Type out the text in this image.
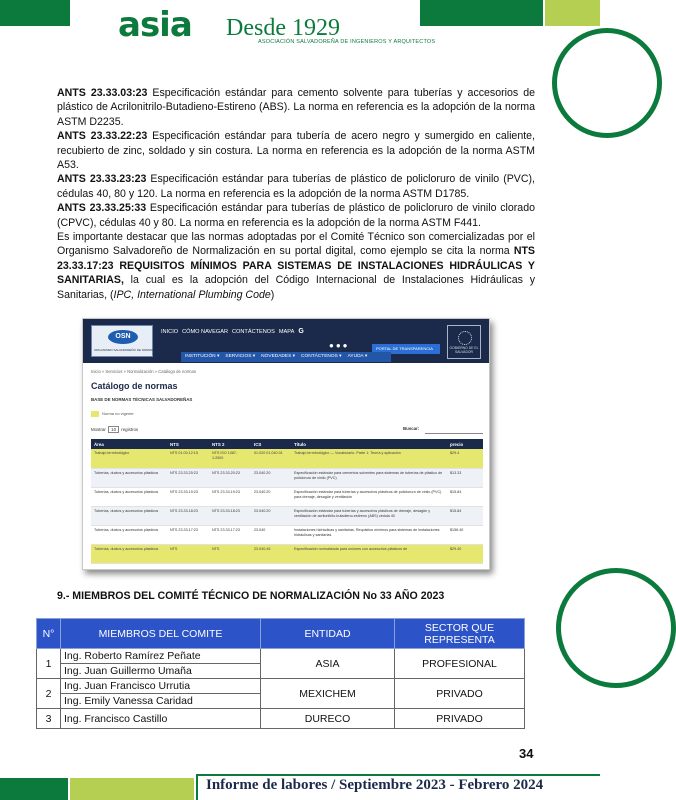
asia Desde 1929
ASOCIACIÓN SALVADOREÑA DE INGENIEROS Y ARQUITECTOS

ANTS 23.33.03:23 Especificación estándar para cemento solvente para tuberías y accesorios de plástico de Acrilonitrilo-Butadieno-Estireno (ABS). La norma en referencia es la adopción de la norma ASTM D2235.

ANTS 23.33.22:23 Especificación estándar para tubería de acero negro y sumergido en caliente, recubierto de zinc, soldado y sin costura. La norma en referencia es la adopción de la norma ASTM A53.

ANTS 23.33.23:23 Especificación estándar para tuberías de plástico de policloruro de vinilo (PVC), cédulas 40, 80 y 120. La norma en referencia es la adopción de la norma ASTM D1785.

ANTS 23.33.25:33 Especificación estándar para tuberías de plástico de policloruro de vinilo clorado (CPVC), cédulas 40 y 80. La norma en referencia es la adopción de la norma ASTM F441.

Es importante destacar que las normas adoptadas por el Comité Técnico son comercializadas por el Organismo Salvadoreño de Normalización en su portal digital, como ejemplo se cita la norma NTS 23.33.17:23 REQUISITOS MÍNIMOS PARA SISTEMAS DE INSTALACIONES HIDRÁULICAS Y SANITARIAS, la cual es la adopción del Código Internacional de Instalaciones Hidráulicas y Sanitarias, (IPC, International Plumbing Code)

OSN
ORGANISMO SALVADOREÑO DE NORMALIZACIÓN
INICIO CÓMO NAVEGAR CONTÁCTENOS MAPA G
●●●	PORTAL DE TRANSPARENCIA	GOBIERNO DE EL SALVADOR
INSTITUCIÓN ▾ SERVICIOS ▾ NOVEDADES ▾ CONTÁCTENOS ▾ AYUDA ▾
Inicio » Servicios » Normalización » Catálogo de normas
Catálogo de normas
BASE DE NORMAS TÉCNICAS SALVADOREÑAS
Norma no vigente
Mostrar 10 registros	Buscar:
Área	NTS	NTS 2	ICS	Título	precio
Trabajo terminológico	NTS 01.00.12:15	NTS ISO 1087-1:2000	01.020 01.040.01	Trabajo terminológico — Vocabulario. Parte 1: Teoría y aplicación	$29.4
Tuberías, ductos y accesorios plásticos	NTS 23.33.20:23	NTS 23.33.20:23	23.040.20	Especificación estándar para cementos solventes para sistemas de tuberías de plástico de policloruro de vinilo (PVC)	$13.33
Tuberías, ductos y accesorios plásticos	NTS 23.33.19:23	NTS 23.33.19:23	23.040.20	Especificación estándar para tuberías y accesorios plásticos de policloruro de vinilo (PVC) para drenaje, desagüe y ventilación	$15.84
Tuberías, ductos y accesorios plásticos	NTS 23.33.18:23	NTS 23.33.18:23	23.040.20	Especificación estándar para tuberías y accesorios plásticos de drenaje, desagüe y ventilación de acrilonitrilo-butadieno-estireno (ABS) cédula 40	$15.84
Tuberías, ductos y accesorios plásticos	NTS 23.33.17:23	NTS 23.33.17:23	23.040	Instalaciones hidráulicas y sanitarias. Requisitos mínimos para sistemas de instalaciones hidráulicas y sanitarias	$156.40
Tuberías, ductos y accesorios plásticos	NTS	NTS	23.040.45	Especificación normalizada para uniones con accesorios plásticos de	$29.40
9.- MIEMBROS DEL COMITÉ TÉCNICO DE NORMALIZACIÓN No 33 AÑO 2023
N°	MIEMBROS DEL COMITE	ENTIDAD	SECTOR QUE REPRESENTA
1	Ing. Roberto Ramírez Peñate
Ing. Juan Guillermo Umaña	ASIA	PROFESIONAL
2	Ing. Juan Francisco Urrutia
Ing. Emily Vanessa Caridad	MEXICHEM	PRIVADO
3	Ing. Francisco Castillo	DURECO	PRIVADO
34
Informe de labores / Septiembre 2023 - Febrero 2024
